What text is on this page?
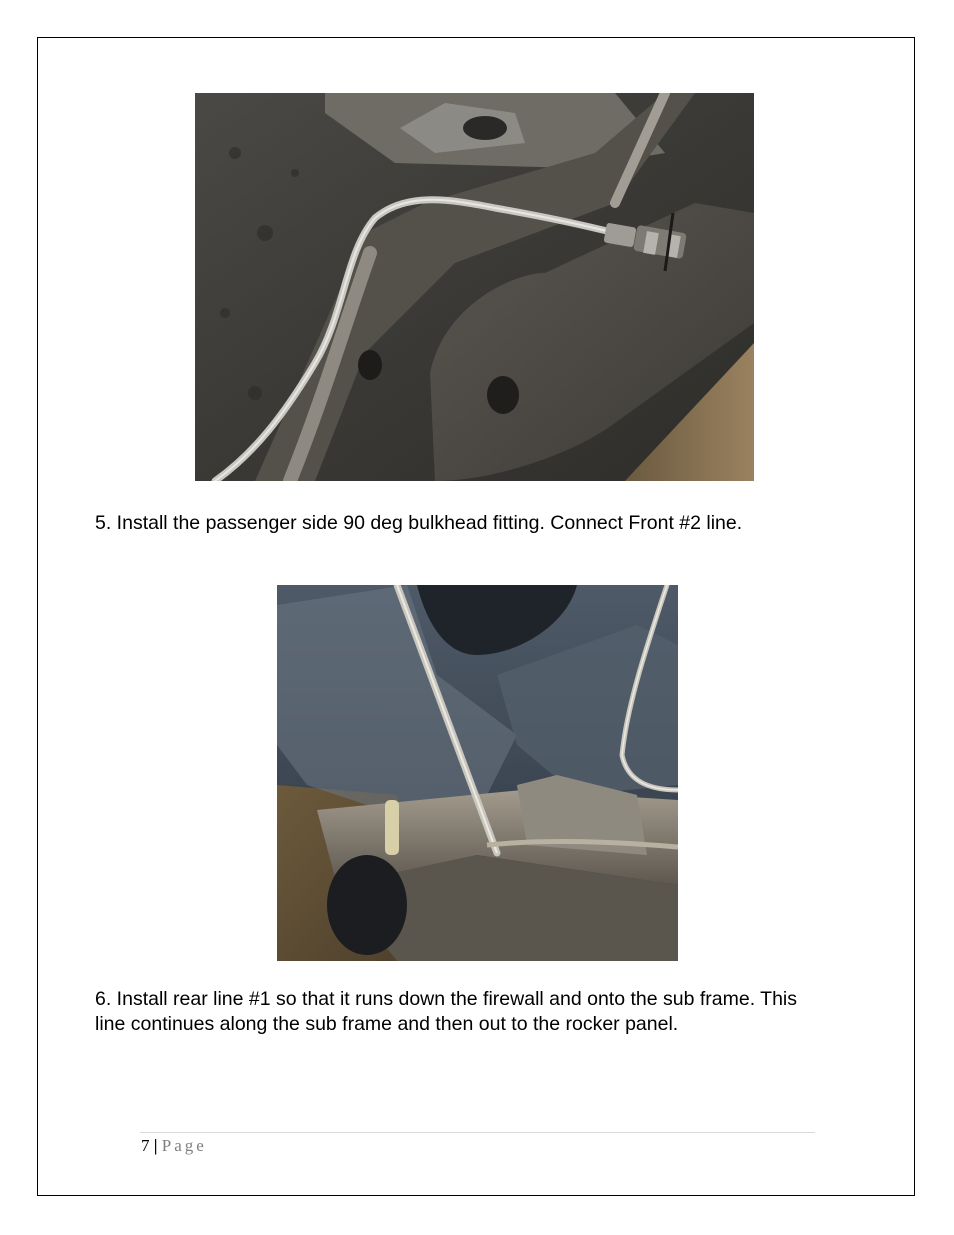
5. Install the passenger side 90 deg bulkhead fitting. Connect Front #2 line.
6. Install rear line #1 so that it runs down the firewall and onto the sub frame. This line continues along the sub frame and then out to the rocker panel.
7 | Page
